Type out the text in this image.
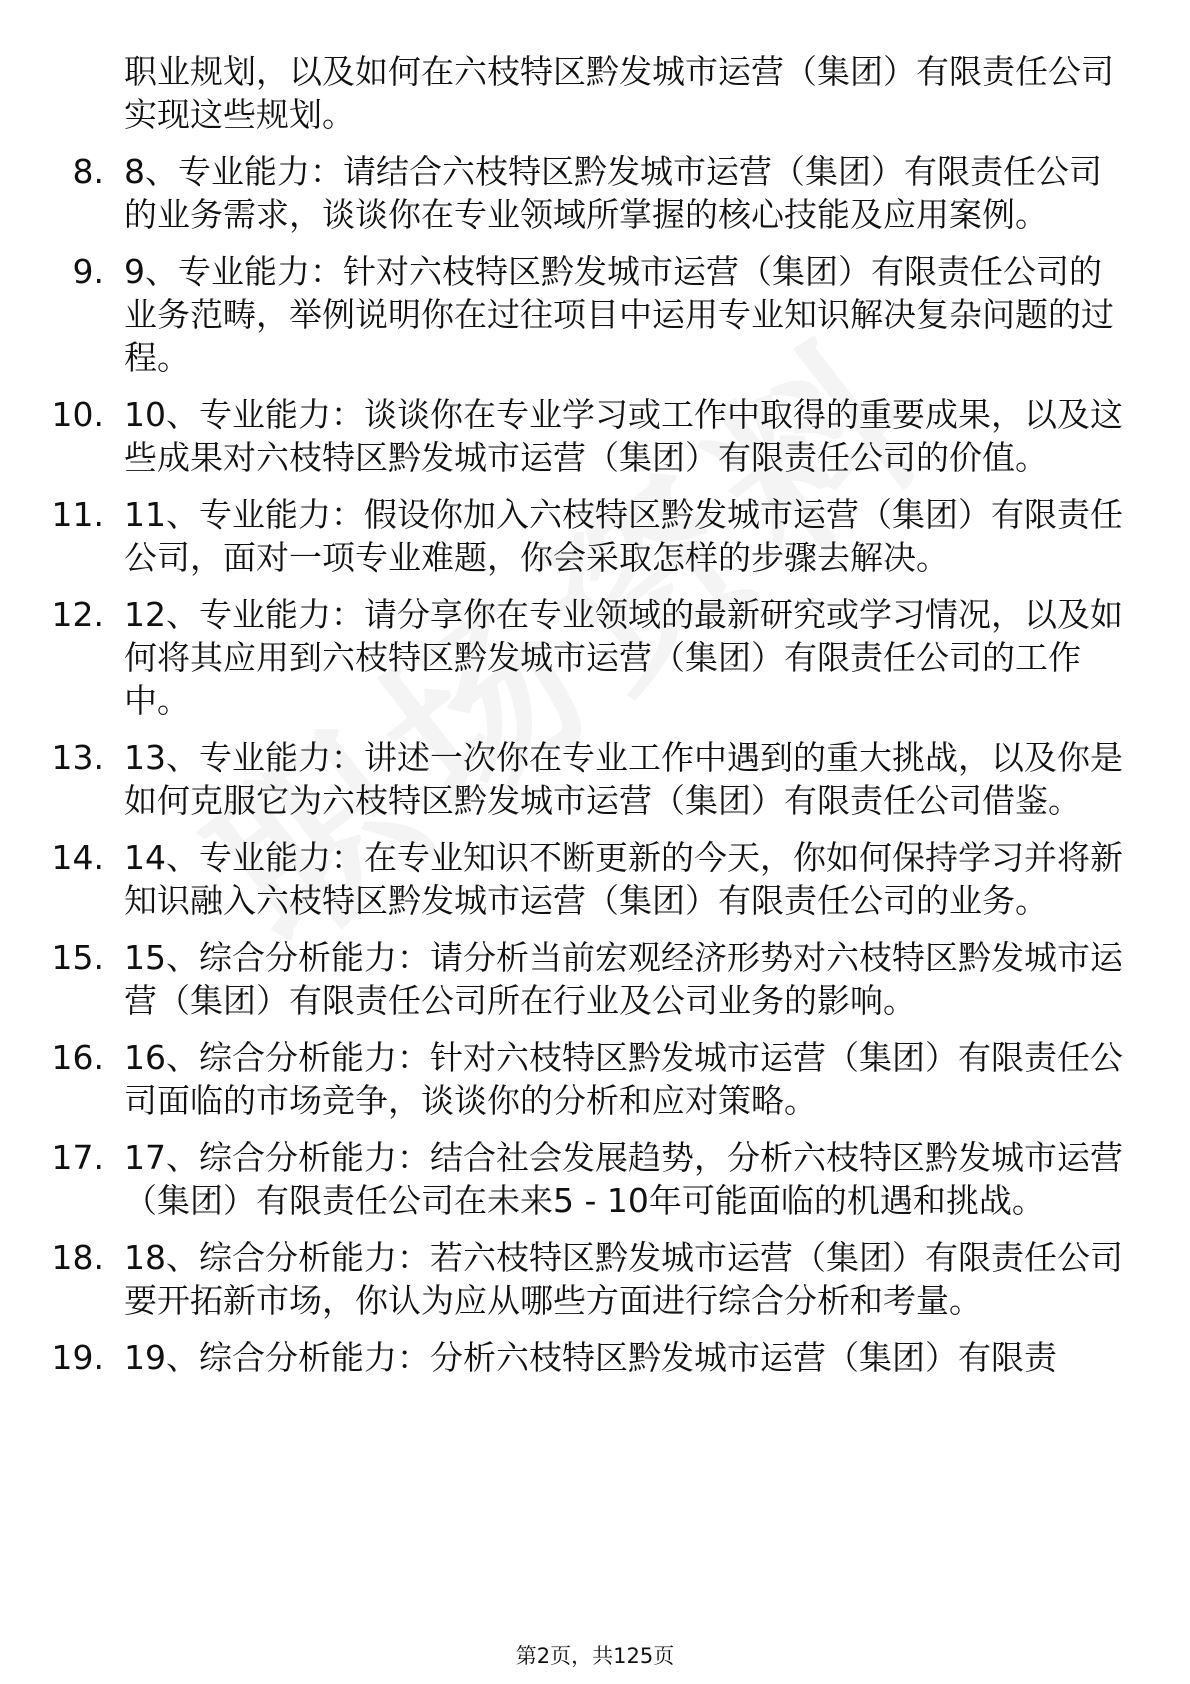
职业规划，以及如何在六枝特区黔发城市运营（集团）有限责任公司实现这些规划。

8. 8、专业能力：请结合六枝特区黔发城市运营（集团）有限责任公司的业务需求，谈谈你在专业领域所掌握的核心技能及应用案例。
9. 9、专业能力：针对六枝特区黔发城市运营（集团）有限责任公司的业务范畴，举例说明你在过往项目中运用专业知识解决复杂问题的过程。
10. 10、专业能力：谈谈你在专业学习或工作中取得的重要成果，以及这些成果对六枝特区黔发城市运营（集团）有限责任公司的价值。
11. 11、专业能力：假设你加入六枝特区黔发城市运营（集团）有限责任公司，面对一项专业难题，你会采取怎样的步骤去解决。
12. 12、专业能力：请分享你在专业领域的最新研究或学习情况，以及如何将其应用到六枝特区黔发城市运营（集团）有限责任公司的工作中。
13. 13、专业能力：讲述一次你在专业工作中遇到的重大挑战，以及你是如何克服它为六枝特区黔发城市运营（集团）有限责任公司借鉴。
14. 14、专业能力：在专业知识不断更新的今天，你如何保持学习并将新知识融入六枝特区黔发城市运营（集团）有限责任公司的业务。
15. 15、综合分析能力：请分析当前宏观经济形势对六枝特区黔发城市运营（集团）有限责任公司所在行业及公司业务的影响。
16. 16、综合分析能力：针对六枝特区黔发城市运营（集团）有限责任公司面临的市场竞争，谈谈你的分析和应对策略。
17. 17、综合分析能力：结合社会发展趋势，分析六枝特区黔发城市运营（集团）有限责任公司在未来5 - 10年可能面临的机遇和挑战。
18. 18、综合分析能力：若六枝特区黔发城市运营（集团）有限责任公司要开拓新市场，你认为应从哪些方面进行综合分析和考量。
19. 19、综合分析能力：分析六枝特区黔发城市运营（集团）有限责
第2页，共125页
